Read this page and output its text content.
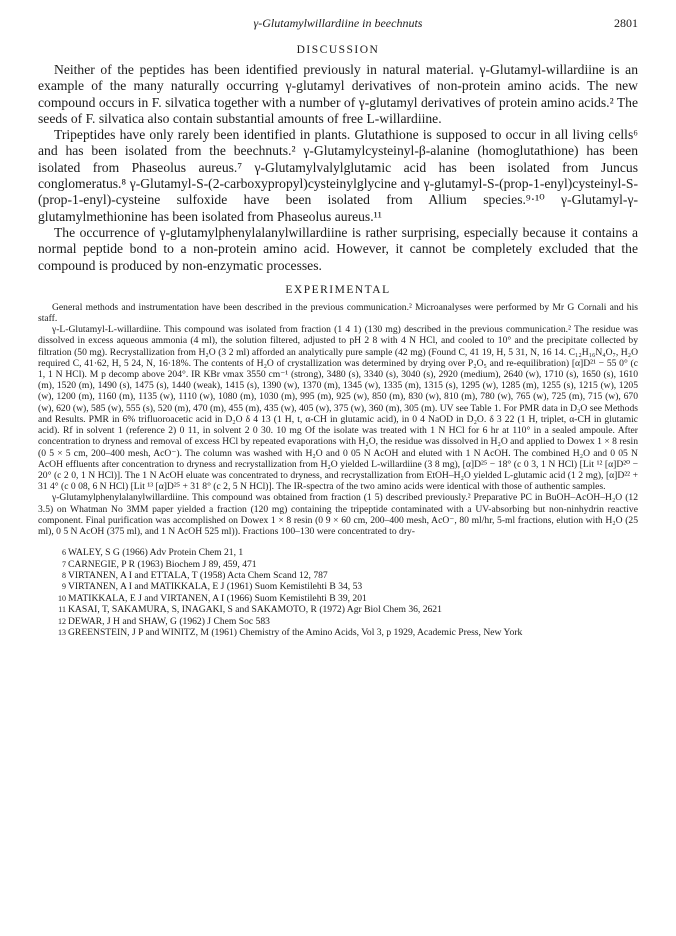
γ-Glutamylwillardiine in beechnuts	2801
DISCUSSION

Neither of the peptides has been identified previously in natural material. γ-Glutamyl-willardiine is an example of the many naturally occurring γ-glutamyl derivatives of non-protein amino acids. The new compound occurs in F. silvatica together with a number of γ-glutamyl derivatives of protein amino acids.² The seeds of F. silvatica also contain substantial amounts of free L-willardiine.

Tripeptides have only rarely been identified in plants. Glutathione is supposed to occur in all living cells⁶ and has been isolated from the beechnuts.² γ-Glutamylcysteinyl-β-alanine (homoglutathione) has been isolated from Phaseolus aureus.⁷ γ-Glutamylvalylglutamic acid has been isolated from Juncus conglomeratus.⁸ γ-Glutamyl-S-(2-carboxypropyl)cysteinylglycine and γ-glutamyl-S-(prop-1-enyl)cysteinyl-S-(prop-1-enyl)-cysteine sulfoxide have been isolated from Allium species.⁹·¹⁰ γ-Glutamyl-γ-glutamylmethionine has been isolated from Phaseolus aureus.¹¹

The occurrence of γ-glutamylphenylalanylwillardiine is rather surprising, especially because it contains a normal peptide bond to a non-protein amino acid. However, it cannot be completely excluded that the compound is produced by non-enzymatic processes.

EXPERIMENTAL

General methods and instrumentation have been described in the previous communication.² Microanalyses were performed by Mr G Cornali and his staff.

γ-L-Glutamyl-L-willardiine. This compound was isolated from fraction (1 4 1) (130 mg) described in the previous communication.² The residue was dissolved in excess aqueous ammonia (4 ml), the solution filtered, adjusted to pH 2 8 with 4 N HCl, and cooled to 10° and the precipitate collected by filtration (50 mg). Recrystallization from H₂O (3 2 ml) afforded an analytically pure sample (42 mg) (Found C, 41 19, H, 5 31, N, 16 14. C₁₂H₁₆N₄O₇, H₂O required C, 41·62, H, 5 24, N, 16·18%. The contents of H₂O of crystallization was determined by drying over P₂O₅ and re-equilibration) [α]D²¹ − 55 0° (c 1, 1 N HCl). M p decomp above 204°. IR KBr νmax 3550 cm⁻¹ (strong), 3480 (s), 3340 (s), 3040 (s), 2920 (medium), 2640 (w), 1710 (s), 1650 (s), 1610 (m), 1520 (m), 1490 (s), 1475 (s), 1440 (weak), 1415 (s), 1390 (w), 1370 (m), 1345 (w), 1335 (m), 1315 (s), 1295 (w), 1285 (m), 1255 (s), 1215 (w), 1205 (w), 1200 (m), 1160 (m), 1135 (w), 1110 (w), 1080 (m), 1030 (m), 995 (m), 925 (w), 850 (m), 830 (w), 810 (m), 780 (w), 765 (w), 725 (m), 715 (w), 670 (w), 620 (w), 585 (w), 555 (s), 520 (m), 470 (m), 455 (m), 435 (w), 405 (w), 375 (w), 360 (m), 305 (m). UV see Table 1. For PMR data in D₂O see Methods and Results. PMR in 6% trifluoroacetic acid in D₂O δ 4 13 (1 H, t, α-CH in glutamic acid), in 0 4 NaOD in D₂O. δ 3 22 (1 H, triplet, α-CH in glutamic acid). Rf in solvent 1 (reference 2) 0 11, in solvent 2 0 30. 10 mg Of the isolate was treated with 1 N HCl for 6 hr at 110° in a sealed ampoule. After concentration to dryness and removal of excess HCl by repeated evaporations with H₂O, the residue was dissolved in H₂O and applied to Dowex 1 × 8 resin (0 5 × 5 cm, 200–400 mesh, AcO⁻). The column was washed with H₂O and 0 05 N AcOH and eluted with 1 N AcOH. The combined H₂O and 0 05 N AcOH effluents after concentration to dryness and recrystallization from H₂O yielded L-willardiine (3 8 mg), [α]D²⁵ − 18° (c 0 3, 1 N HCl) [Lit ¹² [α]D²⁰ − 20° (c 2 0, 1 N HCl)]. The 1 N AcOH eluate was concentrated to dryness, and recrystallization from EtOH–H₂O yielded L-glutamic acid (1 2 mg), [α]D²² + 31 4° (c 0 08, 6 N HCl) [Lit ¹³ [α]D²⁵ + 31 8° (c 2, 5 N HCl)]. The IR-spectra of the two amino acids were identical with those of authentic samples.

γ-Glutamylphenylalanylwillardiine. This compound was obtained from fraction (1 5) described previously.² Preparative PC in BuOH–AcOH–H₂O (12 3.5) on Whatman No 3MM paper yielded a fraction (120 mg) containing the tripeptide contaminated with a UV-absorbing but non-ninhydrin reactive component. Final purification was accomplished on Dowex 1 × 8 resin (0 9 × 60 cm, 200–400 mesh, AcO⁻, 80 ml/hr, 5-ml fractions, elution with H₂O (25 ml), 0 5 N AcOH (375 ml), and 1 N AcOH 525 ml)). Fractions 100–130 were concentrated to dry-

6 WALEY, S G (1966) Adv Protein Chem 21, 1

7 CARNEGIE, P R (1963) Biochem J 89, 459, 471

8 VIRTANEN, A I and ETTALA, T (1958) Acta Chem Scand 12, 787

9 VIRTANEN, A I and MATIKKALA, E J (1961) Suom Kemistilehti B 34, 53

10 MATIKKALA, E J and VIRTANEN, A I (1966) Suom Kemistilehti B 39, 201

11 KASAI, T, SAKAMURA, S, INAGAKI, S and SAKAMOTO, R (1972) Agr Biol Chem 36, 2621

12 DEWAR, J H and SHAW, G (1962) J Chem Soc 583

13 GREENSTEIN, J P and WINITZ, M (1961) Chemistry of the Amino Acids, Vol 3, p 1929, Academic Press, New York
